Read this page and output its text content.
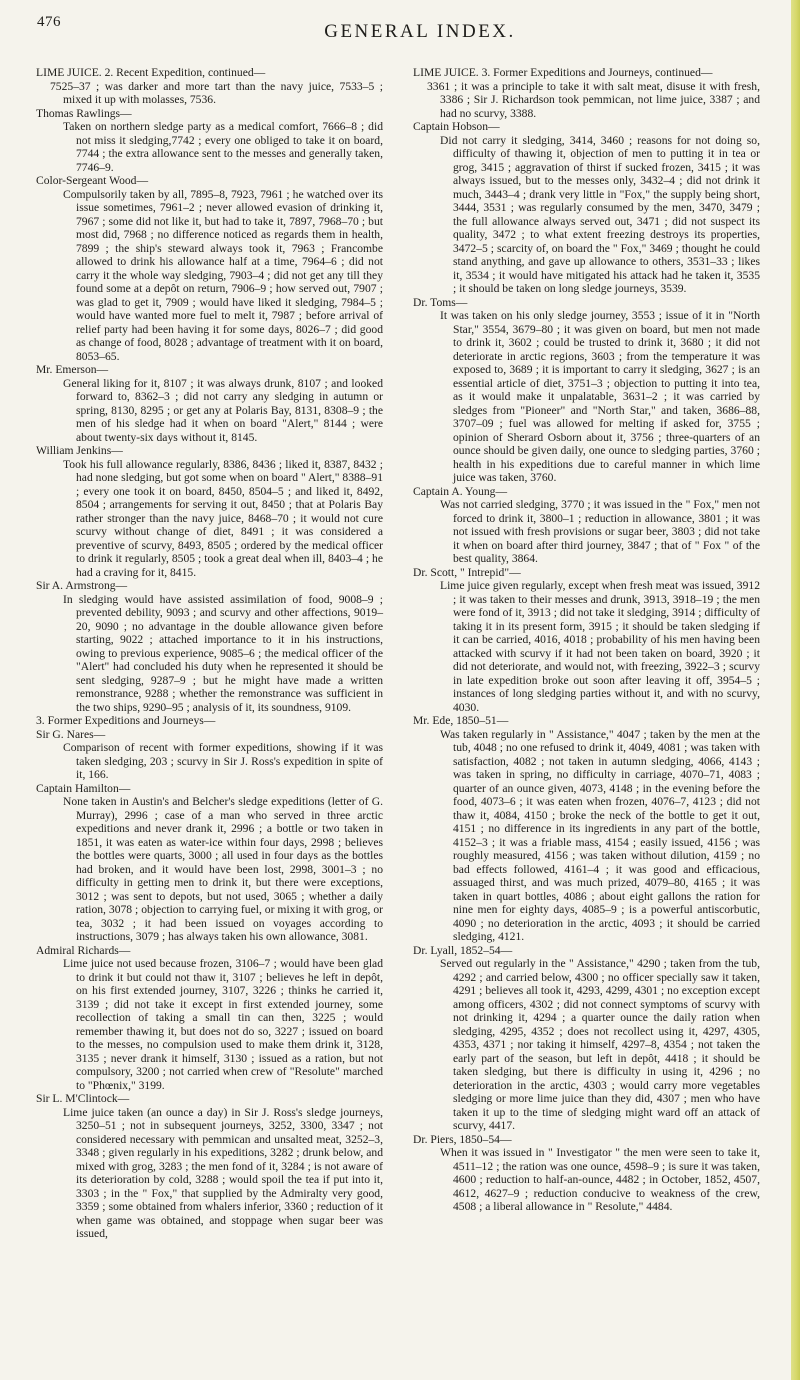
476	GENERAL INDEX.

LIME JUICE. 2. Recent Expedition, continued—

7525–37 ; was darker and more tart than the navy juice, 7533–5 ; mixed it up with molasses, 7536.

Thomas Rawlings—

Taken on northern sledge party as a medical comfort, 7666–8 ; did not miss it sledging,7742 ; every one obliged to take it on board, 7744 ; the extra allowance sent to the messes and generally taken, 7746–9.

Color-Sergeant Wood—

Compulsorily taken by all, 7895–8, 7923, 7961 ; he watched over its issue sometimes, 7961–2 ; never allowed evasion of drinking it, 7967 ; some did not like it, but had to take it, 7897, 7968–70 ; but most did, 7968 ; no difference noticed as regards them in health, 7899 ; the ship's steward always took it, 7963 ; Francombe allowed to drink his allowance half at a time, 7964–6 ; did not carry it the whole way sledging, 7903–4 ; did not get any till they found some at a depôt on return, 7906–9 ; how served out, 7907 ; was glad to get it, 7909 ; would have liked it sledging, 7984–5 ; would have wanted more fuel to melt it, 7987 ; before arrival of relief party had been having it for some days, 8026–7 ; did good as change of food, 8028 ; advantage of treatment with it on board, 8053–65.

Mr. Emerson—

General liking for it, 8107 ; it was always drunk, 8107 ; and looked forward to, 8362–3 ; did not carry any sledging in autumn or spring, 8130, 8295 ; or get any at Polaris Bay, 8131, 8308–9 ; the men of his sledge had it when on board "Alert," 8144 ; were about twenty-six days without it, 8145.

William Jenkins—

Took his full allowance regularly, 8386, 8436 ; liked it, 8387, 8432 ; had none sledging, but got some when on board " Alert," 8388–91 ; every one took it on board, 8450, 8504–5 ; and liked it, 8492, 8504 ; arrangements for serving it out, 8450 ; that at Polaris Bay rather stronger than the navy juice, 8468–70 ; it would not cure scurvy without change of diet, 8491 ; it was considered a preventive of scurvy, 8493, 8505 ; ordered by the medical officer to drink it regularly, 8505 ; took a great deal when ill, 8403–4 ; he had a craving for it, 8415.

Sir A. Armstrong—

In sledging would have assisted assimilation of food, 9008–9 ; prevented debility, 9093 ; and scurvy and other affections, 9019–20, 9090 ; no advantage in the double allowance given before starting, 9022 ; attached importance to it in his instructions, owing to previous experience, 9085–6 ; the medical officer of the "Alert" had concluded his duty when he represented it should be sent sledging, 9287–9 ; but he might have made a written remonstrance, 9288 ; whether the remonstrance was sufficient in the two ships, 9290–95 ; analysis of it, its soundness, 9109.

3. Former Expeditions and Journeys—

Sir G. Nares—

Comparison of recent with former expeditions, showing if it was taken sledging, 203 ; scurvy in Sir J. Ross's expedition in spite of it, 166.

Captain Hamilton—

None taken in Austin's and Belcher's sledge expeditions (letter of G. Murray), 2996 ; case of a man who served in three arctic expeditions and never drank it, 2996 ; a bottle or two taken in 1851, it was eaten as water-ice within four days, 2998 ; believes the bottles were quarts, 3000 ; all used in four days as the bottles had broken, and it would have been lost, 2998, 3001–3 ; no difficulty in getting men to drink it, but there were exceptions, 3012 ; was sent to depots, but not used, 3065 ; whether a daily ration, 3078 ; objection to carrying fuel, or mixing it with grog, or tea, 3032 ; it had been issued on voyages according to instructions, 3079 ; has always taken his own allowance, 3081.

Admiral Richards—

Lime juice not used because frozen, 3106–7 ; would have been glad to drink it but could not thaw it, 3107 ; believes he left in depôt, on his first extended journey, 3107, 3226 ; thinks he carried it, 3139 ; did not take it except in first extended journey, some recollection of taking a small tin can then, 3225 ; would remember thawing it, but does not do so, 3227 ; issued on board to the messes, no compulsion used to make them drink it, 3128, 3135 ; never drank it himself, 3130 ; issued as a ration, but not compulsory, 3200 ; not carried when crew of "Resolute" marched to "Phœnix," 3199.

Sir L. M'Clintock—

Lime juice taken (an ounce a day) in Sir J. Ross's sledge journeys, 3250–51 ; not in subsequent journeys, 3252, 3300, 3347 ; not considered necessary with pemmican and unsalted meat, 3252–3, 3348 ; given regularly in his expeditions, 3282 ; drunk below, and mixed with grog, 3283 ; the men fond of it, 3284 ; is not aware of its deterioration by cold, 3288 ; would spoil the tea if put into it, 3303 ; in the " Fox," that supplied by the Admiralty very good, 3359 ; some obtained from whalers inferior, 3360 ; reduction of it when game was obtained, and stoppage when sugar beer was issued,

LIME JUICE. 3. Former Expeditions and Journeys, continued—

3361 ; it was a principle to take it with salt meat, disuse it with fresh, 3386 ; Sir J. Richardson took pemmican, not lime juice, 3387 ; and had no scurvy, 3388.

Captain Hobson—

Did not carry it sledging, 3414, 3460 ; reasons for not doing so, difficulty of thawing it, objection of men to putting it in tea or grog, 3415 ; aggravation of thirst if sucked frozen, 3415 ; it was always issued, but to the messes only, 3432–4 ; did not drink it much, 3443–4 ; drank very little in "Fox," the supply being short, 3444, 3531 ; was regularly consumed by the men, 3470, 3479 ; the full allowance always served out, 3471 ; did not suspect its quality, 3472 ; to what extent freezing destroys its properties, 3472–5 ; scarcity of, on board the " Fox," 3469 ; thought he could stand anything, and gave up allowance to others, 3531–33 ; likes it, 3534 ; it would have mitigated his attack had he taken it, 3535 ; it should be taken on long sledge journeys, 3539.

Dr. Toms—

It was taken on his only sledge journey, 3553 ; issue of it in "North Star," 3554, 3679–80 ; it was given on board, but men not made to drink it, 3602 ; could be trusted to drink it, 3680 ; it did not deteriorate in arctic regions, 3603 ; from the temperature it was exposed to, 3689 ; it is important to carry it sledging, 3627 ; is an essential article of diet, 3751–3 ; objection to putting it into tea, as it would make it unpalatable, 3631–2 ; it was carried by sledges from "Pioneer" and "North Star," and taken, 3686–88, 3707–09 ; fuel was allowed for melting if asked for, 3755 ; opinion of Sherard Osborn about it, 3756 ; three-quarters of an ounce should be given daily, one ounce to sledging parties, 3760 ; health in his expeditions due to careful manner in which lime juice was taken, 3760.

Captain A. Young—

Was not carried sledging, 3770 ; it was issued in the " Fox," men not forced to drink it, 3800–1 ; reduction in allowance, 3801 ; it was not issued with fresh provisions or sugar beer, 3803 ; did not take it when on board after third journey, 3847 ; that of " Fox " of the best quality, 3864.

Dr. Scott, " Intrepid"—

Lime juice given regularly, except when fresh meat was issued, 3912 ; it was taken to their messes and drunk, 3913, 3918–19 ; the men were fond of it, 3913 ; did not take it sledging, 3914 ; difficulty of taking it in its present form, 3915 ; it should be taken sledging if it can be carried, 4016, 4018 ; probability of his men having been attacked with scurvy if it had not been taken on board, 3920 ; it did not deteriorate, and would not, with freezing, 3922–3 ; scurvy in late expedition broke out soon after leaving it off, 3954–5 ; instances of long sledging parties without it, and with no scurvy, 4030.

Mr. Ede, 1850–51—

Was taken regularly in " Assistance," 4047 ; taken by the men at the tub, 4048 ; no one refused to drink it, 4049, 4081 ; was taken with satisfaction, 4082 ; not taken in autumn sledging, 4066, 4143 ; was taken in spring, no difficulty in carriage, 4070–71, 4083 ; quarter of an ounce given, 4073, 4148 ; in the evening before the food, 4073–6 ; it was eaten when frozen, 4076–7, 4123 ; did not thaw it, 4084, 4150 ; broke the neck of the bottle to get it out, 4151 ; no difference in its ingredients in any part of the bottle, 4152–3 ; it was a friable mass, 4154 ; easily issued, 4156 ; was roughly measured, 4156 ; was taken without dilution, 4159 ; no bad effects followed, 4161–4 ; it was good and efficacious, assuaged thirst, and was much prized, 4079–80, 4165 ; it was taken in quart bottles, 4086 ; about eight gallons the ration for nine men for eighty days, 4085–9 ; is a powerful antiscorbutic, 4090 ; no deterioration in the arctic, 4093 ; it should be carried sledging, 4121.

Dr. Lyall, 1852–54—

Served out regularly in the " Assistance," 4290 ; taken from the tub, 4292 ; and carried below, 4300 ; no officer specially saw it taken, 4291 ; believes all took it, 4293, 4299, 4301 ; no exception except among officers, 4302 ; did not connect symptoms of scurvy with not drinking it, 4294 ; a quarter ounce the daily ration when sledging, 4295, 4352 ; does not recollect using it, 4297, 4305, 4353, 4371 ; nor taking it himself, 4297–8, 4354 ; not taken the early part of the season, but left in depôt, 4418 ; it should be taken sledging, but there is difficulty in using it, 4296 ; no deterioration in the arctic, 4303 ; would carry more vegetables sledging or more lime juice than they did, 4307 ; men who have taken it up to the time of sledging might ward off an attack of scurvy, 4417.

Dr. Piers, 1850–54—

When it was issued in " Investigator " the men were seen to take it, 4511–12 ; the ration was one ounce, 4598–9 ; is sure it was taken, 4600 ; reduction to half-an-ounce, 4482 ; in October, 1852, 4507, 4612, 4627–9 ; reduction conducive to weakness of the crew, 4508 ; a liberal allowance in " Resolute," 4484.
